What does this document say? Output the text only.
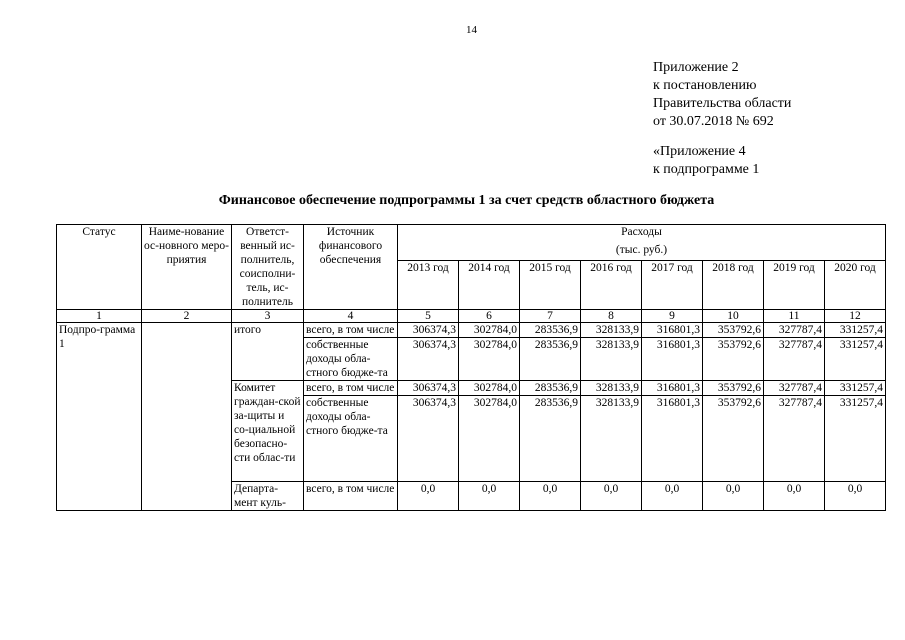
14
Приложение 2
к постановлению
Правительства области
от 30.07.2018 № 692
«Приложение 4
к подпрограмме 1
Финансовое обеспечение подпрограммы 1 за счет средств областного бюджета
Статус	Наиме-нование ос-новного меро-приятия	Ответст-венный ис-полнитель, соисполни-тель, ис-полнитель	Источник финансового обеспечения	Расходы							
				(тыс. руб.)							
				2013 год	2014 год	2015 год	2016 год	2017 год	2018 год	2019 год	2020 год
1	2	3	4	5	6	7	8	9	10	11	12
Подпро-грамма 1		итого	всего, в том числе	306374,3	302784,0	283536,9	328133,9	316801,3	353792,6	327787,4	331257,4
			собственные доходы обла-стного бюдже-та	306374,3	302784,0	283536,9	328133,9	316801,3	353792,6	327787,4	331257,4
		Комитет граждан-ской за-щиты и со-циальной безопасно-сти облас-ти	всего, в том числе	306374,3	302784,0	283536,9	328133,9	316801,3	353792,6	327787,4	331257,4
			собственные доходы обла-стного бюдже-та	306374,3	302784,0	283536,9	328133,9	316801,3	353792,6	327787,4	331257,4
		Департа-мент куль-	всего, в том числе	0,0	0,0	0,0	0,0	0,0	0,0	0,0	0,0
